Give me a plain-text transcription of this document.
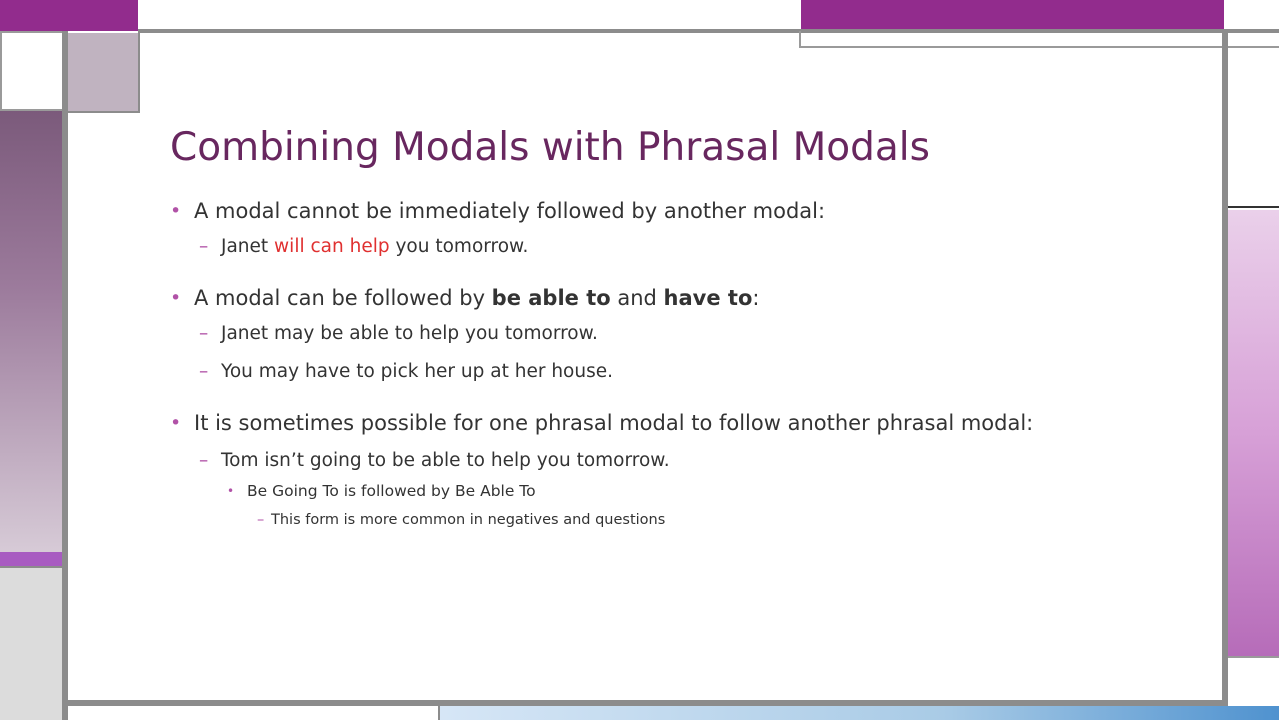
Combining Modals with Phrasal Modals
• A modal cannot be immediately followed by another modal:
– Janet will can help you tomorrow.
• A modal can be followed by be able to and have to:
– Janet may be able to help you tomorrow.
– You may have to pick her up at her house.
• It is sometimes possible for one phrasal modal to follow another phrasal modal:
– Tom isn’t going to be able to help you tomorrow.
• Be Going To is followed by Be Able To
– This form is more common in negatives and questions
